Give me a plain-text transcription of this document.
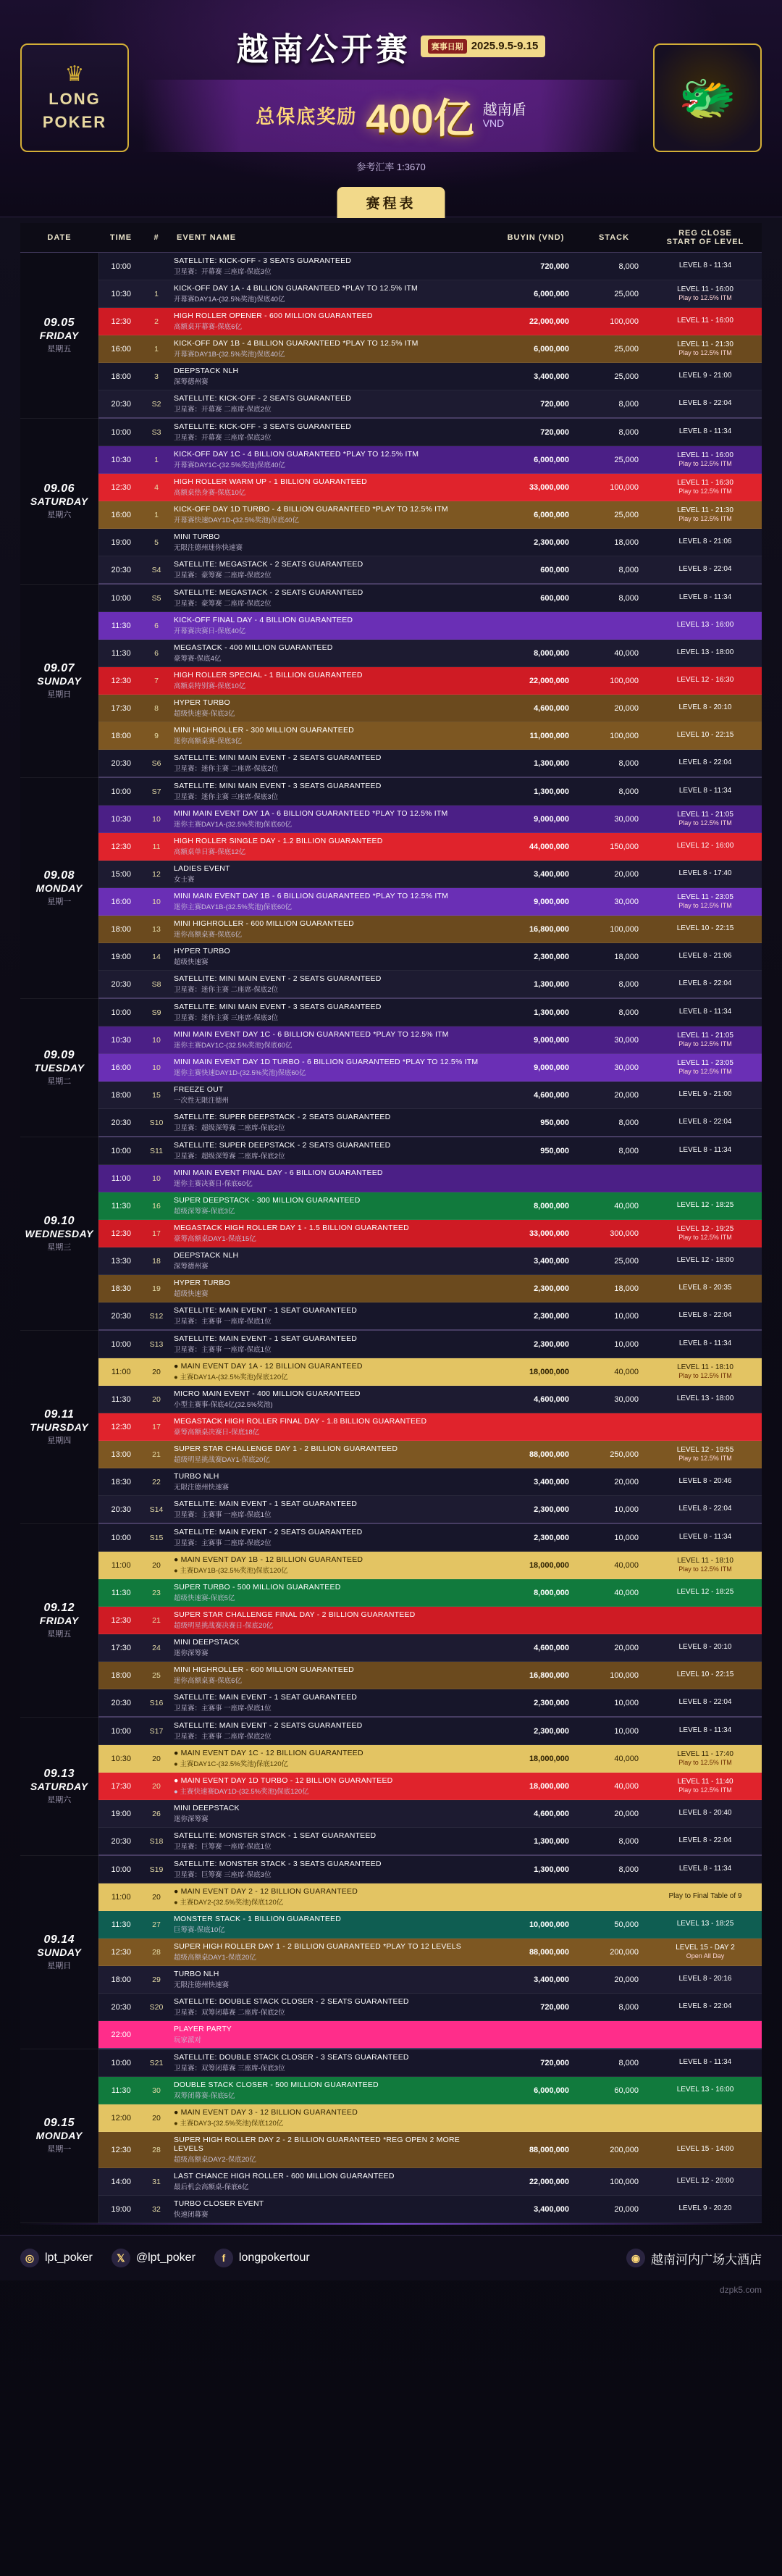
♛
LONG
POKER
越南公开赛	赛事日期 2025.9.5-9.15
总保底奖励 400亿 越南盾
VND
参考汇率 1:3670
🐲
赛程表
DATE	TIME	#	EVENT NAME	BUYIN (VND)	STACK	REG CLOSE
START OF LEVEL

09.05
FRIDAY
星期五
	10:00		
SATELLITE: KICK-OFF - 3 SEATS GUARANTEED
卫星赛：开幕赛 三座席-保底3位
	720,000	8,000	LEVEL 8 - 11:34

10:30	1	
KICK-OFF DAY 1A - 4 BILLION GUARANTEED *PLAY TO 12.5% ITM
开幕赛DAY1A-(32.5%奖池)保底40亿
	6,000,000	25,000	
LEVEL 11 - 16:00
Play to 12.5% ITM

	12:30	2	HIGH ROLLER OPENER - 600 MILLION GUARANTEED
高额桌开幕赛-保底6亿	22,000,000	100,000	LEVEL 11 - 16:00

16:00	1	
KICK-OFF DAY 1B - 4 BILLION GUARANTEED *PLAY TO 12.5% ITM
开幕赛DAY1B-(32.5%奖池)保底40亿
	6,000,000	25,000	
LEVEL 11 - 21:30
Play to 12.5% ITM

	18:00	3	DEEPSTACK NLH
深筹德州赛	3,400,000	25,000	LEVEL 9 - 21:00

	20:30	S2	SATELLITE: KICK-OFF - 2 SEATS GUARANTEED
卫星赛：开幕赛 二座席-保底2位	720,000	8,000	LEVEL 8 - 22:04

09.06
SATURDAY
星期六
	10:00	S3	
SATELLITE: KICK-OFF - 3 SEATS GUARANTEED
卫星赛：开幕赛 三座席-保底3位
	720,000	8,000	LEVEL 8 - 11:34

10:30	1	
KICK-OFF DAY 1C - 4 BILLION GUARANTEED *PLAY TO 12.5% ITM
开幕赛DAY1C-(32.5%奖池)保底40亿
	6,000,000	25,000	
LEVEL 11 - 16:00
Play to 12.5% ITM

12:30	4	
HIGH ROLLER WARM UP - 1 BILLION GUARANTEED
高额桌热身赛-保底10亿
	33,000,000	100,000	
LEVEL 11 - 16:30
Play to 12.5% ITM

16:00	1	
KICK-OFF DAY 1D TURBO - 4 BILLION GUARANTEED *PLAY TO 12.5% ITM
开幕赛快速DAY1D-(32.5%奖池)保底40亿
	6,000,000	25,000	
LEVEL 11 - 21:30
Play to 12.5% ITM

	19:00	5	MINI TURBO
无限注德州迷你快速赛	2,300,000	18,000	LEVEL 8 - 21:06

	20:30	S4	SATELLITE: MEGASTACK - 2 SEATS GUARANTEED
卫星赛：豪筹赛 二座席-保底2位	600,000	8,000	LEVEL 8 - 22:04

09.07
SUNDAY
星期日
	10:00	S5	
SATELLITE: MEGASTACK - 2 SEATS GUARANTEED
卫星赛：豪筹赛 二座席-保底2位
	600,000	8,000	LEVEL 8 - 11:34

	11:30	6	KICK-OFF FINAL DAY - 4 BILLION GUARANTEED
开幕赛决赛日-保底40亿			LEVEL 13 - 16:00

	11:30	6	MEGASTACK - 400 MILLION GUARANTEED
豪筹赛-保底4亿	8,000,000	40,000	LEVEL 13 - 18:00

	12:30	7	HIGH ROLLER SPECIAL - 1 BILLION GUARANTEED
高额桌特别赛-保底10亿	22,000,000	100,000	LEVEL 12 - 16:30

	17:30	8	HYPER TURBO
超级快速赛-保底3亿	4,600,000	20,000	LEVEL 8 - 20:10

	18:00	9	MINI HIGHROLLER - 300 MILLION GUARANTEED
迷你高额桌赛-保底3亿	11,000,000	100,000	LEVEL 10 - 22:15

	20:30	S6	SATELLITE: MINI MAIN EVENT - 2 SEATS GUARANTEED
卫星赛：迷你主赛 二座席-保底2位	1,300,000	8,000	LEVEL 8 - 22:04

09.08
MONDAY
星期一
	10:00	S7	
SATELLITE: MINI MAIN EVENT - 3 SEATS GUARANTEED
卫星赛：迷你主赛 三座席-保底3位
	1,300,000	8,000	LEVEL 8 - 11:34

10:30	10	
MINI MAIN EVENT DAY 1A - 6 BILLION GUARANTEED *PLAY TO 12.5% ITM
迷你主赛DAY1A-(32.5%奖池)保底60亿
	9,000,000	30,000	
LEVEL 11 - 21:05
Play to 12.5% ITM

	12:30	11	HIGH ROLLER SINGLE DAY - 1.2 BILLION GUARANTEED
高额桌单日赛-保底12亿	44,000,000	150,000	LEVEL 12 - 16:00

	15:00	12	LADIES EVENT
女士赛	3,400,000	20,000	LEVEL 8 - 17:40

16:00	10	
MINI MAIN EVENT DAY 1B - 6 BILLION GUARANTEED *PLAY TO 12.5% ITM
迷你主赛DAY1B-(32.5%奖池)保底60亿
	9,000,000	30,000	
LEVEL 11 - 23:05
Play to 12.5% ITM

	18:00	13	MINI HIGHROLLER - 600 MILLION GUARANTEED
迷你高额桌赛-保底6亿	16,800,000	100,000	LEVEL 10 - 22:15

	19:00	14	HYPER TURBO
超级快速赛	2,300,000	18,000	LEVEL 8 - 21:06

	20:30	S8	SATELLITE: MINI MAIN EVENT - 2 SEATS GUARANTEED
卫星赛：迷你主赛 二座席-保底2位	1,300,000	8,000	LEVEL 8 - 22:04

09.09
TUESDAY
星期二
	10:00	S9	
SATELLITE: MINI MAIN EVENT - 3 SEATS GUARANTEED
卫星赛：迷你主赛 三座席-保底3位
	1,300,000	8,000	LEVEL 8 - 11:34

10:30	10	
MINI MAIN EVENT DAY 1C - 6 BILLION GUARANTEED *PLAY TO 12.5% ITM
迷你主赛DAY1C-(32.5%奖池)保底60亿
	9,000,000	30,000	
LEVEL 11 - 21:05
Play to 12.5% ITM

16:00	10	
MINI MAIN EVENT DAY 1D TURBO - 6 BILLION GUARANTEED *PLAY TO 12.5% ITM
迷你主赛快速DAY1D-(32.5%奖池)保底60亿
	9,000,000	30,000	
LEVEL 11 - 23:05
Play to 12.5% ITM

	18:00	15	FREEZE OUT
一次性无限注德州	4,600,000	20,000	LEVEL 9 - 21:00

	20:30	S10	SATELLITE: SUPER DEEPSTACK - 2 SEATS GUARANTEED
卫星赛：超级深筹赛 二座席-保底2位	950,000	8,000	LEVEL 8 - 22:04

09.10
WEDNESDAY
星期三
	10:00	S11	
SATELLITE: SUPER DEEPSTACK - 2 SEATS GUARANTEED
卫星赛：超级深筹赛 二座席-保底2位
	950,000	8,000	LEVEL 8 - 11:34

	11:00	10	MINI MAIN EVENT FINAL DAY - 6 BILLION GUARANTEED
迷你主赛决赛日-保底60亿			

	11:30	16	SUPER DEEPSTACK - 300 MILLION GUARANTEED
超级深筹赛-保底3亿	8,000,000	40,000	LEVEL 12 - 18:25

12:30	17	
MEGASTACK HIGH ROLLER DAY 1 - 1.5 BILLION GUARANTEED
豪筹高额桌DAY1-保底15亿
	33,000,000	300,000	
LEVEL 12 - 19:25
Play to 12.5% ITM

	13:30	18	DEEPSTACK NLH
深筹德州赛	3,400,000	25,000	LEVEL 12 - 18:00

	18:30	19	HYPER TURBO
超级快速赛	2,300,000	18,000	LEVEL 8 - 20:35

	20:30	S12	SATELLITE: MAIN EVENT - 1 SEAT GUARANTEED
卫星赛：主赛事 一座席-保底1位	2,300,000	10,000	LEVEL 8 - 22:04

09.11
THURSDAY
星期四
	10:00	S13	
SATELLITE: MAIN EVENT - 1 SEAT GUARANTEED
卫星赛：主赛事 一座席-保底1位
	2,300,000	10,000	LEVEL 8 - 11:34

11:00	20	
● MAIN EVENT DAY 1A - 12 BILLION GUARANTEED
● 主赛DAY1A-(32.5%奖池)保底120亿
	18,000,000	40,000	
LEVEL 11 - 18:10
Play to 12.5% ITM

	11:30	20	MICRO MAIN EVENT - 400 MILLION GUARANTEED
小型主赛事-保底4亿(32.5%奖池)	4,600,000	30,000	LEVEL 13 - 18:00

	12:30	17	MEGASTACK HIGH ROLLER FINAL DAY - 1.8 BILLION GUARANTEED
豪筹高额桌决赛日-保底18亿			

13:00	21	
SUPER STAR CHALLENGE DAY 1 - 2 BILLION GUARANTEED
超级明星挑战赛DAY1-保底20亿
	88,000,000	250,000	
LEVEL 12 - 19:55
Play to 12.5% ITM

	18:30	22	TURBO NLH
无限注德州快速赛	3,400,000	20,000	LEVEL 8 - 20:46

	20:30	S14	SATELLITE: MAIN EVENT - 1 SEAT GUARANTEED
卫星赛：主赛事 一座席-保底1位	2,300,000	10,000	LEVEL 8 - 22:04

09.12
FRIDAY
星期五
	10:00	S15	
SATELLITE: MAIN EVENT - 2 SEATS GUARANTEED
卫星赛：主赛事 二座席-保底2位
	2,300,000	10,000	LEVEL 8 - 11:34

11:00	20	
● MAIN EVENT DAY 1B - 12 BILLION GUARANTEED
● 主赛DAY1B-(32.5%奖池)保底120亿
	18,000,000	40,000	
LEVEL 11 - 18:10
Play to 12.5% ITM

	11:30	23	SUPER TURBO - 500 MILLION GUARANTEED
超级快速赛-保底5亿	8,000,000	40,000	LEVEL 12 - 18:25

	12:30	21	SUPER STAR CHALLENGE FINAL DAY - 2 BILLION GUARANTEED
超级明星挑战赛决赛日-保底20亿			

	17:30	24	MINI DEEPSTACK
迷你深筹赛	4,600,000	20,000	LEVEL 8 - 20:10

	18:00	25	MINI HIGHROLLER - 600 MILLION GUARANTEED
迷你高额桌赛-保底6亿	16,800,000	100,000	LEVEL 10 - 22:15

	20:30	S16	SATELLITE: MAIN EVENT - 1 SEAT GUARANTEED
卫星赛：主赛事 一座席-保底1位	2,300,000	10,000	LEVEL 8 - 22:04

09.13
SATURDAY
星期六
	10:00	S17	
SATELLITE: MAIN EVENT - 2 SEATS GUARANTEED
卫星赛：主赛事 二座席-保底2位
	2,300,000	10,000	LEVEL 8 - 11:34

10:30	20	
● MAIN EVENT DAY 1C - 12 BILLION GUARANTEED
● 主赛DAY1C-(32.5%奖池)保底120亿
	18,000,000	40,000	
LEVEL 11 - 17:40
Play to 12.5% ITM

17:30	20	
● MAIN EVENT DAY 1D TURBO - 12 BILLION GUARANTEED
● 主赛快速赛DAY1D-(32.5%奖池)保底120亿
	18,000,000	40,000	
LEVEL 11 - 11:40
Play to 12.5% ITM

	19:00	26	MINI DEEPSTACK
迷你深筹赛	4,600,000	20,000	LEVEL 8 - 20:40

	20:30	S18	SATELLITE: MONSTER STACK - 1 SEAT GUARANTEED
卫星赛：巨筹赛 一座席-保底1位	1,300,000	8,000	LEVEL 8 - 22:04

09.14
SUNDAY
星期日
	10:00	S19	
SATELLITE: MONSTER STACK - 3 SEATS GUARANTEED
卫星赛：巨筹赛 三座席-保底3位
	1,300,000	8,000	LEVEL 8 - 11:34

	11:00	20	● MAIN EVENT DAY 2 - 12 BILLION GUARANTEED
● 主赛DAY2-(32.5%奖池)保底120亿			Play to Final Table of 9

	11:30	27	MONSTER STACK - 1 BILLION GUARANTEED
巨筹赛-保底10亿	10,000,000	50,000	LEVEL 13 - 18:25

12:30	28	
SUPER HIGH ROLLER DAY 1 - 2 BILLION GUARANTEED *PLAY TO 12 LEVELS
超级高额桌DAY1-保底20亿
	88,000,000	200,000	
LEVEL 15 - DAY 2
Open All Day

	18:00	29	TURBO NLH
无限注德州快速赛	3,400,000	20,000	LEVEL 8 - 20:16

	20:30	S20	SATELLITE: DOUBLE STACK CLOSER - 2 SEATS GUARANTEED
卫星赛：双筹闭幕赛 二座席-保底2位	720,000	8,000	LEVEL 8 - 22:04

	22:00		PLAYER PARTY
玩家派对			

09.15
MONDAY
星期一
	10:00	S21	
SATELLITE: DOUBLE STACK CLOSER - 3 SEATS GUARANTEED
卫星赛：双筹闭幕赛 三座席-保底3位
	720,000	8,000	LEVEL 8 - 11:34

	11:30	30	DOUBLE STACK CLOSER - 500 MILLION GUARANTEED
双筹闭幕赛-保底5亿	6,000,000	60,000	LEVEL 13 - 16:00

	12:00	20	● MAIN EVENT DAY 3 - 12 BILLION GUARANTEED
● 主赛DAY3-(32.5%奖池)保底120亿			

	12:30	28	SUPER HIGH ROLLER DAY 2 - 2 BILLION GUARANTEED *REG OPEN 2 MORE LEVELS
超级高额桌DAY2-保底20亿	88,000,000	200,000	LEVEL 15 - 14:00

	14:00	31	LAST CHANCE HIGH ROLLER - 600 MILLION GUARANTEED
最后机会高额桌-保底6亿	22,000,000	100,000	LEVEL 12 - 20:00

	19:00	32	TURBO CLOSER EVENT
快速闭幕赛	3,400,000	20,000	LEVEL 9 - 20:20
◎ lpt_poker	𝕏 @lpt_poker	f	longpokertour	◉ 越南河内广场大酒店
dzpk5.com
